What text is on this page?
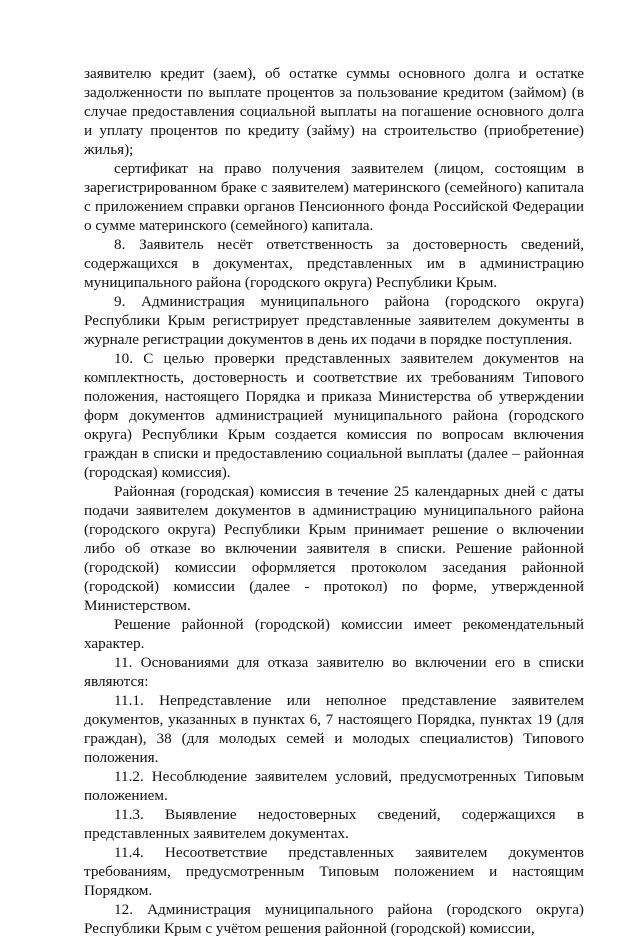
заявителю кредит (заем), об остатке суммы основного долга и остатке задолженности по выплате процентов за пользование кредитом (займом) (в случае предоставления социальной выплаты на погашение основного долга и уплату процентов по кредиту (займу) на строительство (приобретение) жилья);

сертификат на право получения заявителем (лицом, состоящим в зарегистрированном браке с заявителем) материнского (семейного) капитала с приложением справки органов Пенсионного фонда Российской Федерации о сумме материнского (семейного) капитала.

8. Заявитель несёт ответственность за достоверность сведений, содержащихся в документах, представленных им в администрацию муниципального района (городского округа) Республики Крым.

9. Администрация муниципального района (городского округа) Республики Крым регистрирует представленные заявителем документы в журнале регистрации документов в день их подачи в порядке поступления.

10. С целью проверки представленных заявителем документов на комплектность, достоверность и соответствие их требованиям Типового положения, настоящего Порядка и приказа Министерства об утверждении форм документов администрацией муниципального района (городского округа) Республики Крым создается комиссия по вопросам включения граждан в списки и предоставлению социальной выплаты (далее – районная (городская) комиссия).

Районная (городская) комиссия в течение 25 календарных дней с даты подачи заявителем документов в администрацию муниципального района (городского округа) Республики Крым принимает решение о включении либо об отказе во включении заявителя в списки. Решение районной (городской) комиссии оформляется протоколом заседания районной (городской) комиссии (далее - протокол) по форме, утвержденной Министерством.

Решение районной (городской) комиссии имеет рекомендательный характер.

11. Основаниями для отказа заявителю во включении его в списки являются:

11.1. Непредставление или неполное представление заявителем документов, указанных в пунктах 6, 7 настоящего Порядка, пунктах 19 (для граждан), 38 (для молодых семей и молодых специалистов) Типового положения.

11.2. Несоблюдение заявителем условий, предусмотренных Типовым положением.

11.3. Выявление недостоверных сведений, содержащихся в представленных заявителем документах.

11.4. Несоответствие представленных заявителем документов требованиям, предусмотренным Типовым положением и настоящим Порядком.

12. Администрация муниципального района (городского округа) Республики Крым с учётом решения районной (городской) комиссии,
